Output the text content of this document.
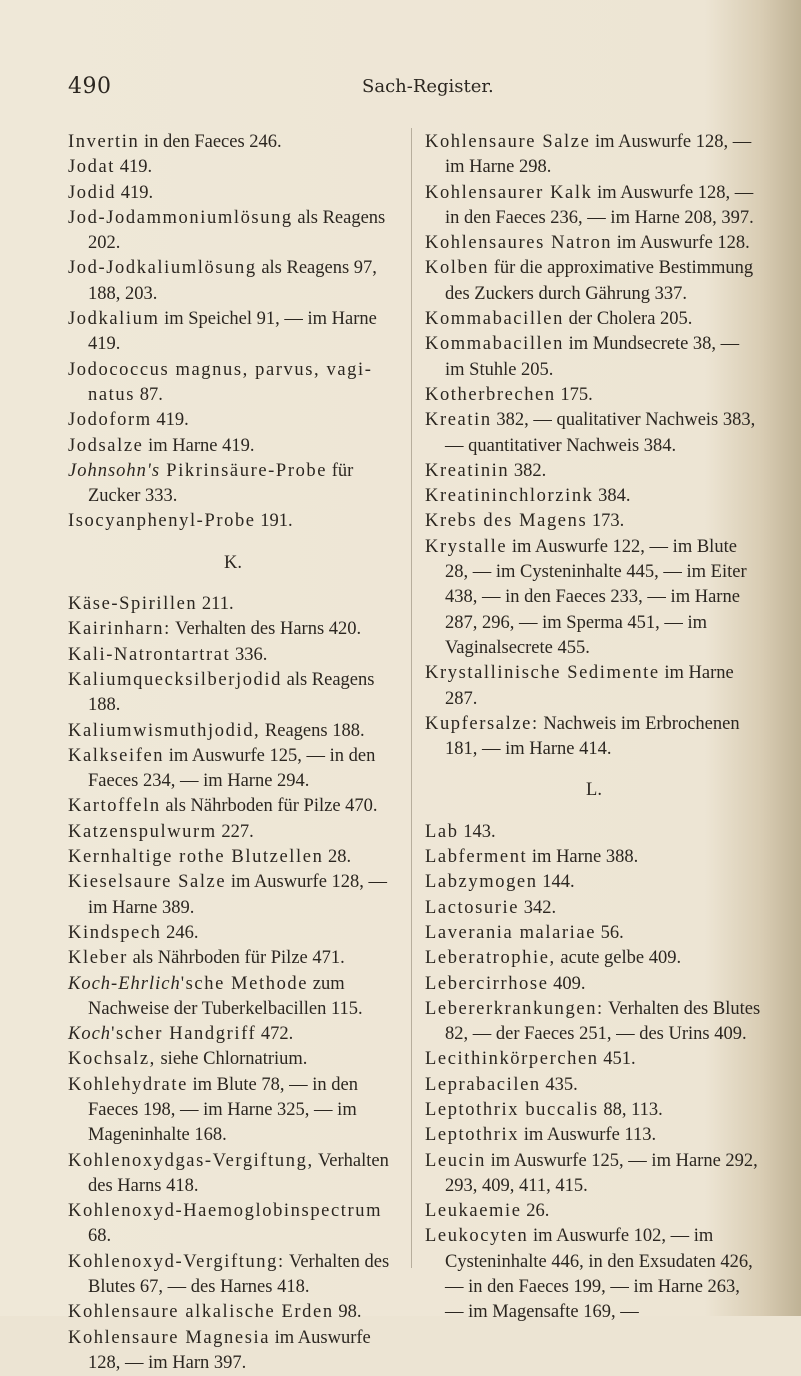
490	Sach-Register.

Invertin in den Faeces 246.

Jodat 419.

Jodid 419.

Jod-Jodammoniumlösung als Reagens 202.

Jod-Jodkaliumlösung als Reagens 97, 188, 203.

Jodkalium im Speichel 91, — im Harne 419.

Jodococcus magnus, parvus, vagi-natus 87.

Jodoform 419.

Jodsalze im Harne 419.

Johnsohn's Pikrinsäure-Probe für Zucker 333.

Isocyanphenyl-Probe 191.

K.

Käse-Spirillen 211.

Kairinharn: Verhalten des Harns 420.

Kali-Natrontartrat 336.

Kaliumquecksilberjodid als Reagens 188.

Kaliumwismuthjodid, Reagens 188.

Kalkseifen im Auswurfe 125, — in den Faeces 234, — im Harne 294.

Kartoffeln als Nährboden für Pilze 470.

Katzenspulwurm 227.

Kernhaltige rothe Blutzellen 28.

Kieselsaure Salze im Auswurfe 128, — im Harne 389.

Kindspech 246.

Kleber als Nährboden für Pilze 471.

Koch-Ehrlich'sche Methode zum Nachweise der Tuberkelbacillen 115.

Koch'scher Handgriff 472.

Kochsalz, siehe Chlornatrium.

Kohlehydrate im Blute 78, — in den Faeces 198, — im Harne 325, — im Mageninhalte 168.

Kohlenoxydgas-Vergiftung, Verhalten des Harns 418.

Kohlenoxyd-Haemoglobinspectrum 68.

Kohlenoxyd-Vergiftung: Verhalten des Blutes 67, — des Harnes 418.

Kohlensaure alkalische Erden 98.

Kohlensaure Magnesia im Auswurfe 128, — im Harn 397.

Kohlensaure Salze im Auswurfe 128, — im Harne 298.

Kohlensaurer Kalk im Auswurfe 128, — in den Faeces 236, — im Harne 208, 397.

Kohlensaures Natron im Auswurfe 128.

Kolben für die approximative Bestimmung des Zuckers durch Gährung 337.

Kommabacillen der Cholera 205.

Kommabacillen im Mundsecrete 38, — im Stuhle 205.

Kotherbrechen 175.

Kreatin 382, — qualitativer Nachweis 383, — quantitativer Nachweis 384.

Kreatinin 382.

Kreatininchlorzink 384.

Krebs des Magens 173.

Krystalle im Auswurfe 122, — im Blute 28, — im Cysteninhalte 445, — im Eiter 438, — in den Faeces 233, — im Harne 287, 296, — im Sperma 451, — im Vaginalsecrete 455.

Krystallinische Sedimente im Harne 287.

Kupfersalze: Nachweis im Erbrochenen 181, — im Harne 414.

L.

Lab 143.

Labferment im Harne 388.

Labzymogen 144.

Lactosurie 342.

Laverania malariae 56.

Leberatrophie, acute gelbe 409.

Lebercirrhose 409.

Lebererkrankungen: Verhalten des Blutes 82, — der Faeces 251, — des Urins 409.

Lecithinkörperchen 451.

Leprabacilen 435.

Leptothrix buccalis 88, 113.

Leptothrix im Auswurfe 113.

Leucin im Auswurfe 125, — im Harne 292, 293, 409, 411, 415.

Leukaemie 26.

Leukocyten im Auswurfe 102, — im Cysteninhalte 446, in den Exsudaten 426, — in den Faeces 199, — im Harne 263, — im Magensafte 169, —
